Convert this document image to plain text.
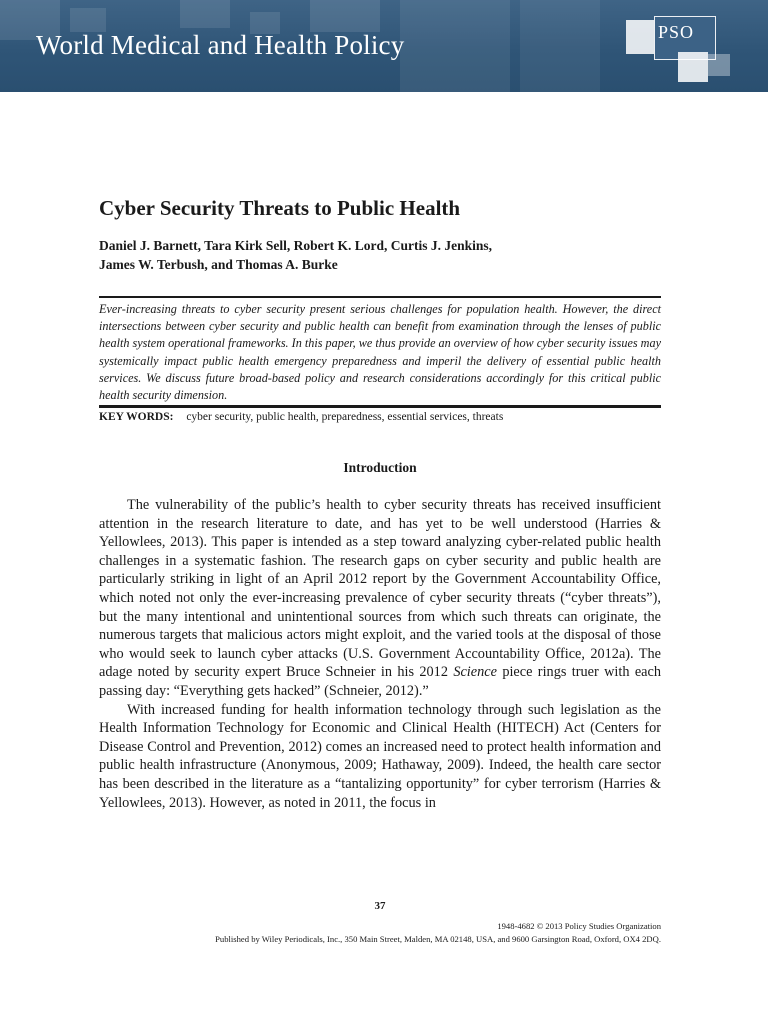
World Medical and Health Policy	PSO
Cyber Security Threats to Public Health
Daniel J. Barnett, Tara Kirk Sell, Robert K. Lord, Curtis J. Jenkins,
James W. Terbush, and Thomas A. Burke

Ever-increasing threats to cyber security present serious challenges for population health. However, the direct intersections between cyber security and public health can benefit from examination through the lenses of public health system operational frameworks. In this paper, we thus provide an overview of how cyber security issues may systemically impact public health emergency preparedness and imperil the delivery of essential public health services. We discuss future broad-based policy and research considerations accordingly for this critical public health security dimension.

KEY WORDS: cyber security, public health, preparedness, essential services, threats
Introduction

The vulnerability of the public’s health to cyber security threats has received insufficient attention in the research literature to date, and has yet to be well understood (Harries & Yellowlees, 2013). This paper is intended as a step toward analyzing cyber-related public health challenges in a systematic fashion. The research gaps on cyber security and public health are particularly striking in light of an April 2012 report by the Government Accountability Office, which noted not only the ever-increasing prevalence of cyber security threats (“cyber threats”), but the many intentional and unintentional sources from which such threats can originate, the numerous targets that malicious actors might exploit, and the varied tools at the disposal of those who would seek to launch cyber attacks (U.S. Government Accountability Office, 2012a). The adage noted by security expert Bruce Schneier in his 2012 Science piece rings truer with each passing day: “Everything gets hacked” (Schneier, 2012).”

With increased funding for health information technology through such legislation as the Health Information Technology for Economic and Clinical Health (HITECH) Act (Centers for Disease Control and Prevention, 2012) comes an increased need to protect health information and public health infrastructure (Anonymous, 2009; Hathaway, 2009). Indeed, the health care sector has been described in the literature as a “tantalizing opportunity” for cyber terrorism (Harries & Yellowlees, 2013). However, as noted in 2011, the focus in

37
1948-4682 © 2013 Policy Studies Organization
Published by Wiley Periodicals, Inc., 350 Main Street, Malden, MA 02148, USA, and 9600 Garsington Road, Oxford, OX4 2DQ.
